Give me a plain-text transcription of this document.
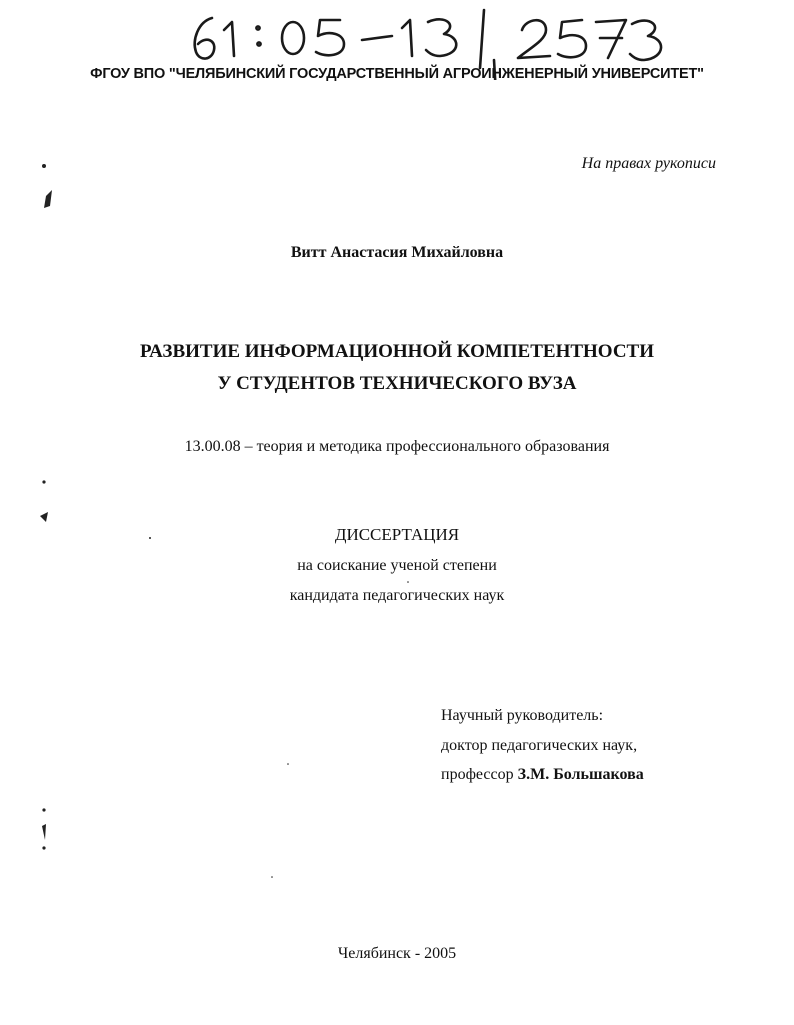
ФГОУ ВПО "ЧЕЛЯБИНСКИЙ ГОСУДАРСТВЕННЫЙ АГРОИНЖЕНЕРНЫЙ УНИВЕРСИТЕТ"
На правах рукописи
Витт Анастасия Михайловна
РАЗВИТИЕ ИНФОРМАЦИОННОЙ КОМПЕТЕНТНОСТИ
У СТУДЕНТОВ ТЕХНИЧЕСКОГО ВУЗА
13.00.08 – теория и методика профессионального образования
ДИССЕРТАЦИЯ
на соискание ученой степени
кандидата педагогических наук
Научный руководитель:
доктор педагогических наук,
профессор З.М. Большакова
Челябинск - 2005
